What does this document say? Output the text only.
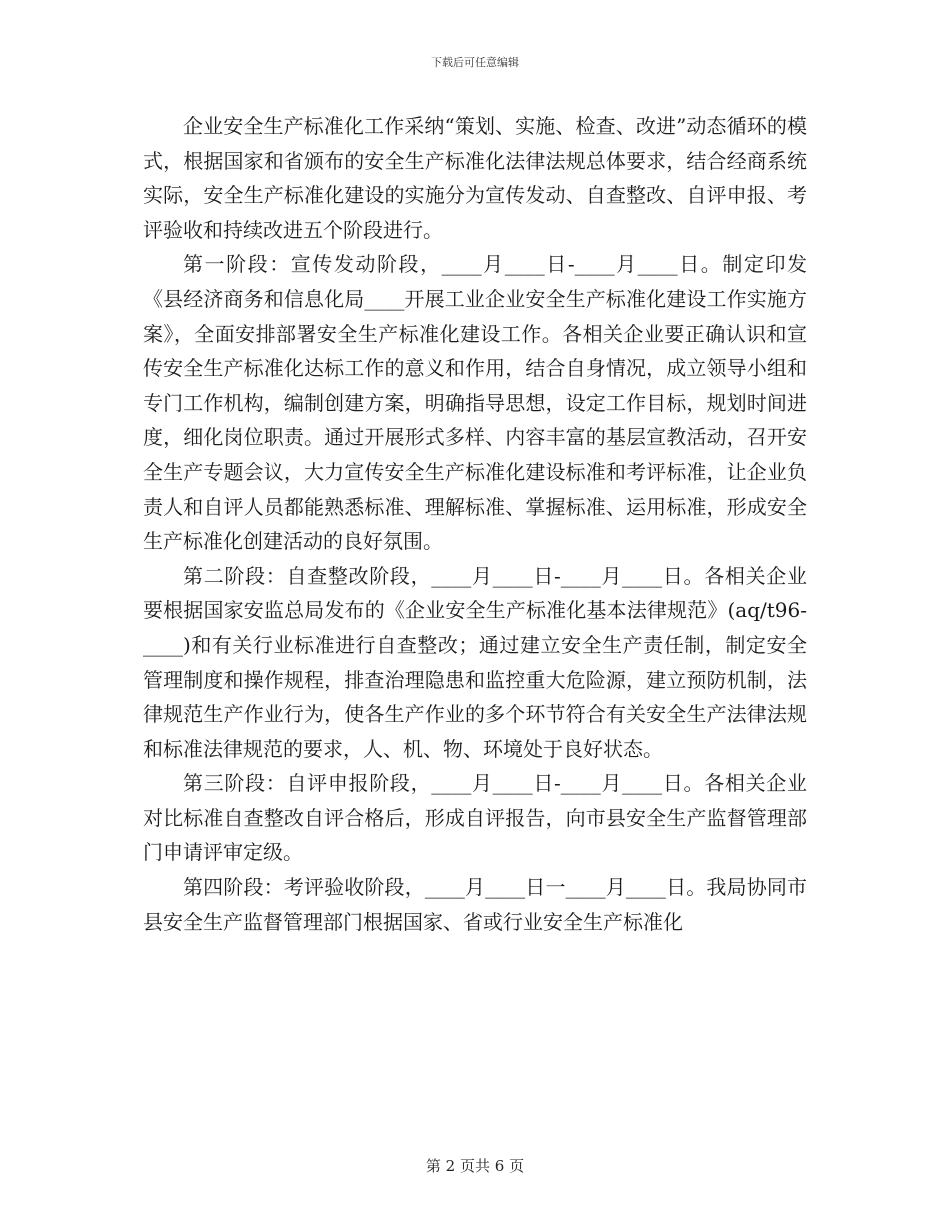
下载后可任意编辑

企业安全生产标准化工作采纳“策划、实施、检查、改进”动态循环的模式，根据国家和省颁布的安全生产标准化法律法规总体要求，结合经商系统实际，安全生产标准化建设的实施分为宣传发动、自查整改、自评申报、考评验收和持续改进五个阶段进行。

第一阶段：宣传发动阶段，____月____日-____月____日。制定印发《县经济商务和信息化局____开展工业企业安全生产标准化建设工作实施方案》，全面安排部署安全生产标准化建设工作。各相关企业要正确认识和宣传安全生产标准化达标工作的意义和作用，结合自身情况，成立领导小组和专门工作机构，编制创建方案，明确指导思想，设定工作目标，规划时间进度，细化岗位职责。通过开展形式多样、内容丰富的基层宣教活动，召开安全生产专题会议，大力宣传安全生产标准化建设标准和考评标准，让企业负责人和自评人员都能熟悉标准、理解标准、掌握标准、运用标准，形成安全生产标准化创建活动的良好氛围。

第二阶段：自查整改阶段，____月____日-____月____日。各相关企业要根据国家安监总局发布的《企业安全生产标准化基本法律规范》(aq/t96-____)和有关行业标准进行自查整改；通过建立安全生产责任制，制定安全管理制度和操作规程，排查治理隐患和监控重大危险源，建立预防机制，法律规范生产作业行为，使各生产作业的多个环节符合有关安全生产法律法规和标准法律规范的要求，人、机、物、环境处于良好状态。

第三阶段：自评申报阶段，____月____日-____月____日。各相关企业对比标准自查整改自评合格后，形成自评报告，向市县安全生产监督管理部门申请评审定级。

第四阶段：考评验收阶段，____月____日一____月____日。我局协同市县安全生产监督管理部门根据国家、省或行业安全生产标准化

第 2 页共 6 页
